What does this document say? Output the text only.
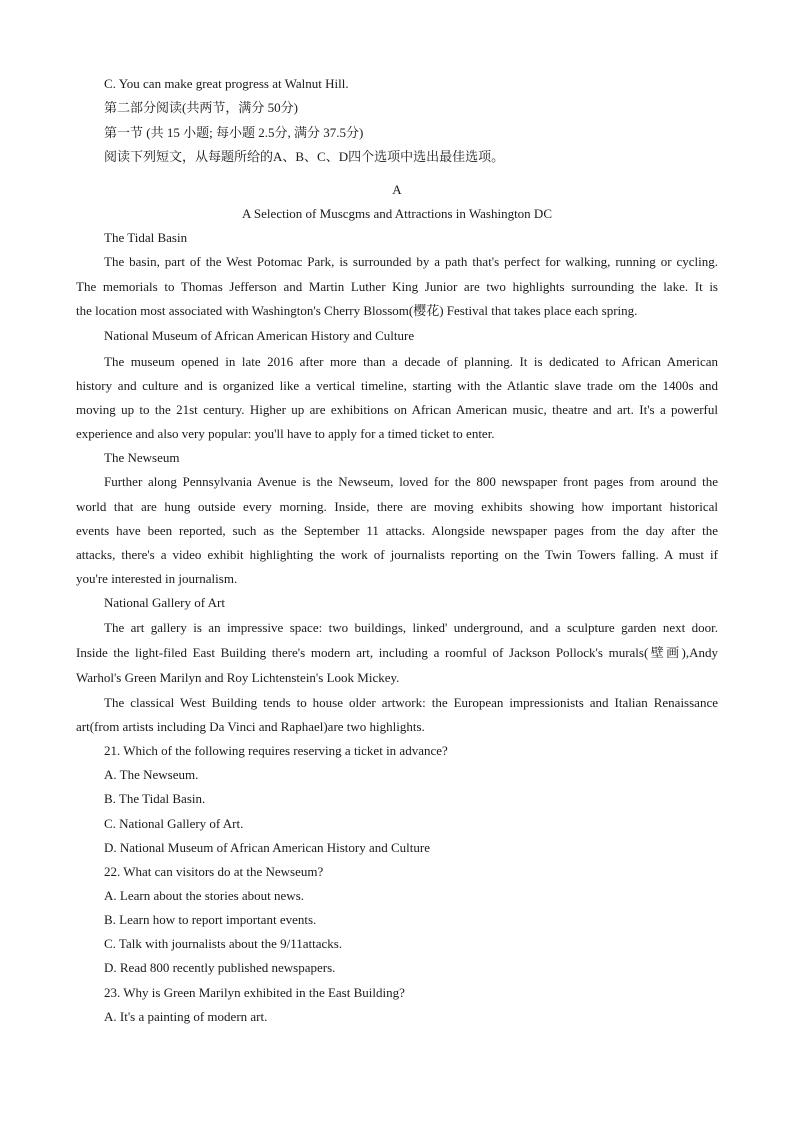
C. You can make great progress at Walnut Hill.
第二部分阅读(共两节，满分 50分)
第一节 (共 15 小题; 每小题 2.5分, 满分 37.5分)
阅读下列短文，从每题所给的A、B、C、D四个选项中选出最佳选项。
A
A Selection of Muscgms and Attractions in Washington DC
The Tidal Basin
The basin, part of the West Potomac Park, is surrounded by a path that's perfect for walking, running or cycling.
The memorials to Thomas Jefferson and Martin Luther King Junior are two highlights surrounding the lake. It is
the location most associated with Washington's Cherry Blossom(樱花) Festival that takes place each spring.
National Museum of African American History and Culture
The museum opened in late 2016 after more than a decade of planning. It is dedicated to African American
history and culture and is organized like a vertical timeline, starting with the Atlantic slave trade om the 1400s and
moving up to the 21st century. Higher up are exhibitions on African American music, theatre and art. It's a powerful
experience and also very popular: you'll have to apply for a timed ticket to enter.
The Newseum
Further along Pennsylvania Avenue is the Newseum, loved for the 800 newspaper front pages from around the
world that are hung outside every morning. Inside, there are moving exhibits showing how important historical
events have been reported, such as the September 11 attacks. Alongside newspaper pages from the day after the
attacks, there's a video exhibit highlighting the work of journalists reporting on the Twin Towers falling. A must if
you're interested in journalism.
National Gallery of Art
The art gallery is an impressive space: two buildings, linked' underground, and a sculpture garden next door.
Inside the light-filed East Building there's modern art, including a roomful of Jackson Pollock's murals(壁画),Andy
Warhol's Green Marilyn and Roy Lichtenstein's Look Mickey.
The classical West Building tends to house older artwork: the European impressionists and Italian Renaissance
art(from artists including Da Vinci and Raphael)are two highlights.
21. Which of the following requires reserving a ticket in advance?
A. The Newseum.
B. The Tidal Basin.
C. National Gallery of Art.
D. National Museum of African American History and Culture
22. What can visitors do at the Newseum?
A. Learn about the stories about news.
B. Learn how to report important events.
C. Talk with journalists about the 9/11attacks.
D. Read 800 recently published newspapers.
23. Why is Green Marilyn exhibited in the East Building?
A. It's a painting of modern art.
